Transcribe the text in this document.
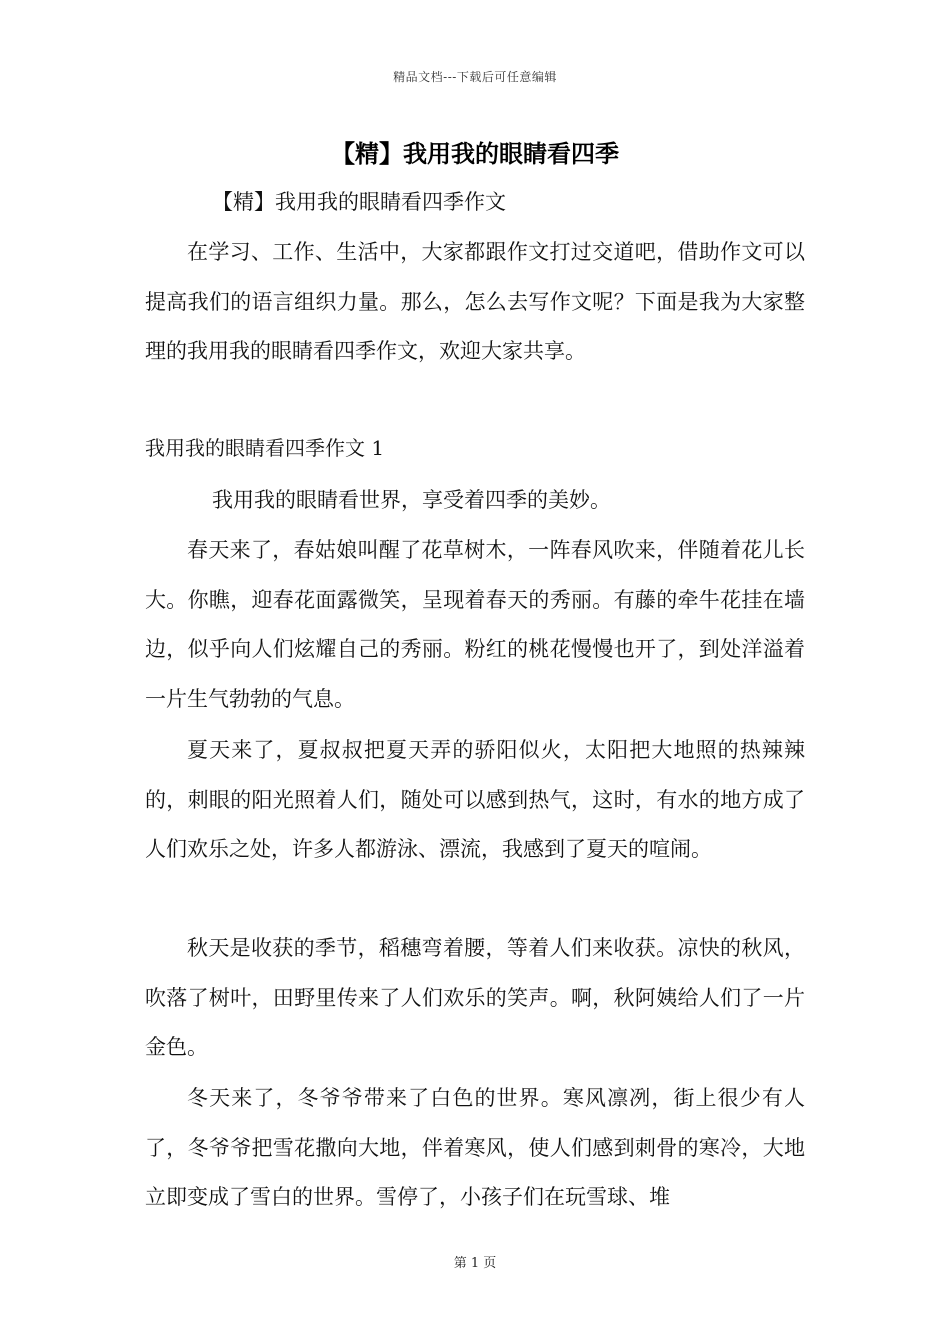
精品文档---下载后可任意编辑
【精】我用我的眼睛看四季
【精】我用我的眼睛看四季作文

在学习、工作、生活中，大家都跟作文打过交道吧，借助作文可以提高我们的语言组织力量。那么，怎么去写作文呢？下面是我为大家整理的我用我的眼睛看四季作文，欢迎大家共享。

我用我的眼睛看四季作文 1
我用我的眼睛看世界，享受着四季的美妙。

春天来了，春姑娘叫醒了花草树木，一阵春风吹来，伴随着花儿长大。你瞧，迎春花面露微笑，呈现着春天的秀丽。有藤的牵牛花挂在墙边，似乎向人们炫耀自己的秀丽。粉红的桃花慢慢也开了，到处洋溢着一片生气勃勃的气息。

夏天来了，夏叔叔把夏天弄的骄阳似火，太阳把大地照的热辣辣的，刺眼的阳光照着人们，随处可以感到热气，这时，有水的地方成了人们欢乐之处，许多人都游泳、漂流，我感到了夏天的喧闹。

秋天是收获的季节，稻穗弯着腰，等着人们来收获。凉快的秋风，吹落了树叶，田野里传来了人们欢乐的笑声。啊，秋阿姨给人们了一片金色。

冬天来了，冬爷爷带来了白色的世界。寒风凛冽，街上很少有人了，冬爷爷把雪花撒向大地，伴着寒风，使人们感到刺骨的寒冷，大地立即变成了雪白的世界。雪停了，小孩子们在玩雪球、堆

第 1 页
